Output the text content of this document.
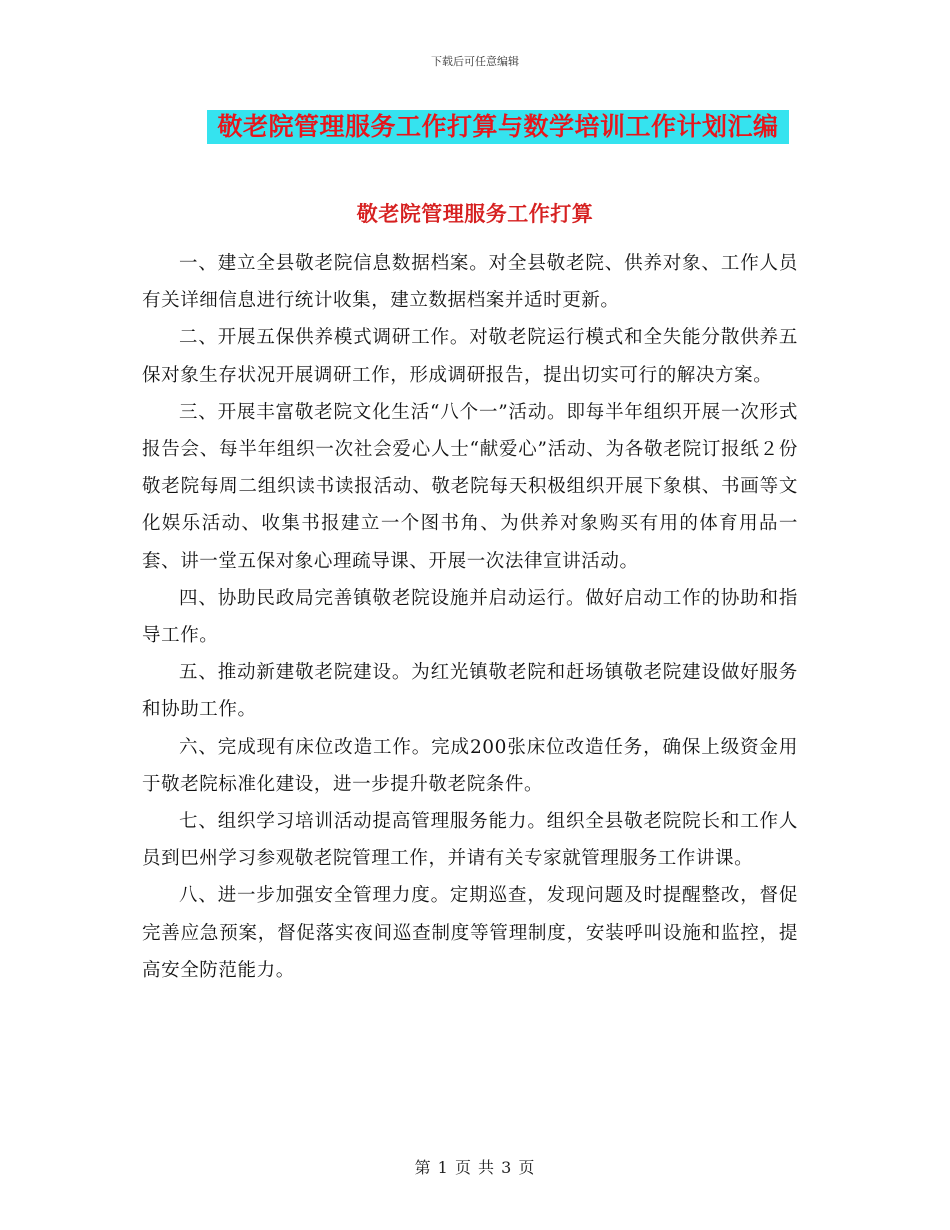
下载后可任意编辑
敬老院管理服务工作打算与数学培训工作计划汇编
敬老院管理服务工作打算

一、建立全县敬老院信息数据档案。对全县敬老院、供养对象、工作人员有关详细信息进行统计收集，建立数据档案并适时更新。

二、开展五保供养模式调研工作。对敬老院运行模式和全失能分散供养五保对象生存状况开展调研工作，形成调研报告，提出切实可行的解决方案。

三、开展丰富敬老院文化生活“八个一”活动。即每半年组织开展一次形式报告会、每半年组织一次社会爱心人士“献爱心”活动、为各敬老院订报纸２份敬老院每周二组织读书读报活动、敬老院每天积极组织开展下象棋、书画等文化娱乐活动、收集书报建立一个图书角、为供养对象购买有用的体育用品一套、讲一堂五保对象心理疏导课、开展一次法律宣讲活动。

四、协助民政局完善镇敬老院设施并启动运行。做好启动工作的协助和指导工作。

五、推动新建敬老院建设。为红光镇敬老院和赶场镇敬老院建设做好服务和协助工作。

六、完成现有床位改造工作。完成200张床位改造任务，确保上级资金用于敬老院标准化建设，进一步提升敬老院条件。

七、组织学习培训活动提高管理服务能力。组织全县敬老院院长和工作人员到巴州学习参观敬老院管理工作，并请有关专家就管理服务工作讲课。

八、进一步加强安全管理力度。定期巡查，发现问题及时提醒整改，督促完善应急预案，督促落实夜间巡查制度等管理制度，安装呼叫设施和监控，提高安全防范能力。

第 1 页 共 3 页
